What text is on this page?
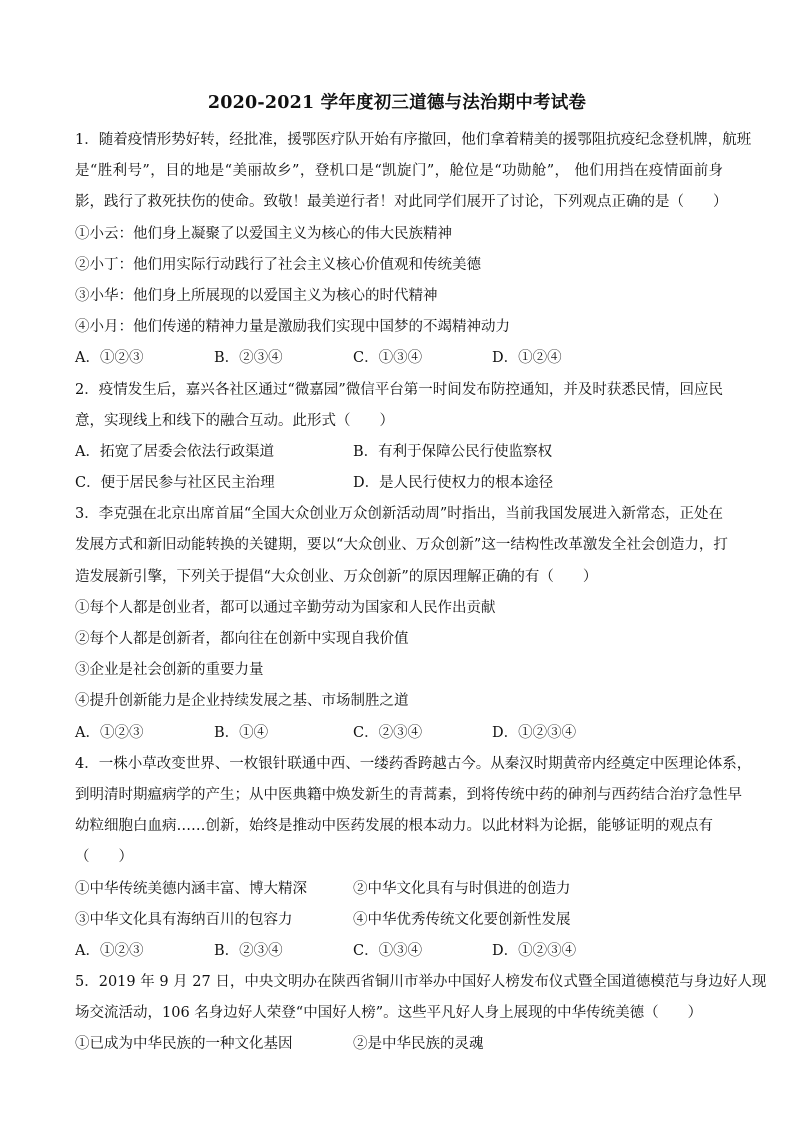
2020-2021 学年度初三道德与法治期中考试卷
1．随着疫情形势好转，经批准，援鄂医疗队开始有序撤回，他们拿着精美的援鄂阻抗疫纪念登机牌，航班
是“胜利号”，目的地是“美丽故乡”，登机口是“凯旋门”，舱位是“功勋舱”， 他们用挡在疫情面前身
影，践行了救死扶伤的使命。致敬！最美逆行者！对此同学们展开了讨论，下列观点正确的是（　　）
①小云：他们身上凝聚了以爱国主义为核心的伟大民族精神
②小丁：他们用实际行动践行了社会主义核心价值观和传统美德
③小华：他们身上所展现的以爱国主义为核心的时代精神
④小月：他们传递的精神力量是激励我们实现中国梦的不竭精神动力
A．①②③	B．②③④	C．①③④	D．①②④
2．疫情发生后，嘉兴各社区通过“微嘉园”微信平台第一时间发布防控通知，并及时获悉民情，回应民
意，实现线上和线下的融合互动。此形式（　　）
A．拓宽了居委会依法行政渠道	B．有利于保障公民行使监察权
C．便于居民参与社区民主治理	D．是人民行使权力的根本途径
3．李克强在北京出席首届“全国大众创业万众创新活动周”时指出，当前我国发展进入新常态，正处在
发展方式和新旧动能转换的关键期，要以“大众创业、万众创新”这一结构性改革激发全社会创造力，打
造发展新引擎，下列关于提倡“大众创业、万众创新”的原因理解正确的有（　　）
①每个人都是创业者，都可以通过辛勤劳动为国家和人民作出贡献
②每个人都是创新者，都向往在创新中实现自我价值
③企业是社会创新的重要力量
④提升创新能力是企业持续发展之基、市场制胜之道
A．①②③	B．①④	C．②③④	D．①②③④
4．一株小草改变世界、一枚银针联通中西、一缕药香跨越古今。从秦汉时期黄帝内经奠定中医理论体系，
到明清时期瘟病学的产生；从中医典籍中焕发新生的青蒿素，到将传统中药的砷剂与西药结合治疗急性早
幼粒细胞白血病……创新，始终是推动中医药发展的根本动力。以此材料为论据，能够证明的观点有
（　　）
①中华传统美德内涵丰富、博大精深	②中华文化具有与时俱进的创造力
③中华文化具有海纳百川的包容力	④中华优秀传统文化要创新性发展
A．①②③	B．②③④	C．①③④	D．①②③④
5．2019 年 9 月 27 日，中央文明办在陕西省铜川市举办中国好人榜发布仪式暨全国道德模范与身边好人现
场交流活动，106 名身边好人荣登“中国好人榜”。这些平凡好人身上展现的中华传统美德（　　）
①已成为中华民族的一种文化基因	②是中华民族的灵魂
